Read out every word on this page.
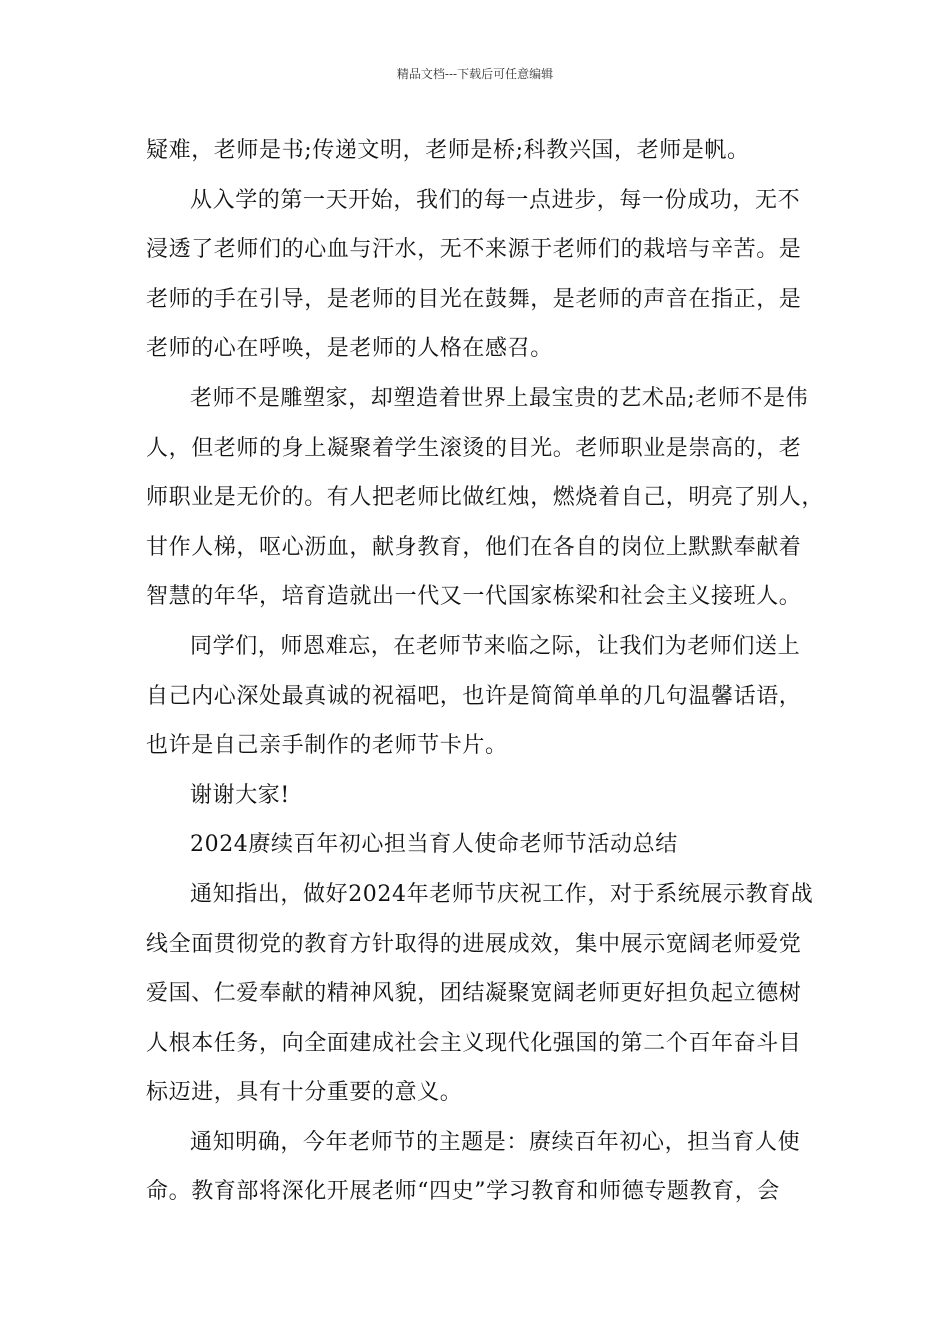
精品文档---下载后可任意编辑
疑难，老师是书;传递文明，老师是桥;科教兴国，老师是帆。
从入学的第一天开始，我们的每一点进步，每一份成功，无不
浸透了老师们的心血与汗水，无不来源于老师们的栽培与辛苦。是
老师的手在引导，是老师的目光在鼓舞，是老师的声音在指正，是
老师的心在呼唤，是老师的人格在感召。
老师不是雕塑家，却塑造着世界上最宝贵的艺术品;老师不是伟
人，但老师的身上凝聚着学生滚烫的目光。老师职业是崇高的，老
师职业是无价的。有人把老师比做红烛，燃烧着自己，明亮了别人，
甘作人梯，呕心沥血，献身教育，他们在各自的岗位上默默奉献着
智慧的年华，培育造就出一代又一代国家栋梁和社会主义接班人。
同学们，师恩难忘，在老师节来临之际，让我们为老师们送上
自己内心深处最真诚的祝福吧，也许是简简单单的几句温馨话语，
也许是自己亲手制作的老师节卡片。
谢谢大家!
2024赓续百年初心担当育人使命老师节活动总结
通知指出，做好2024年老师节庆祝工作，对于系统展示教育战
线全面贯彻党的教育方针取得的进展成效，集中展示宽阔老师爱党
爱国、仁爱奉献的精神风貌，团结凝聚宽阔老师更好担负起立德树
人根本任务，向全面建成社会主义现代化强国的第二个百年奋斗目
标迈进，具有十分重要的意义。
通知明确，今年老师节的主题是：赓续百年初心，担当育人使
命。教育部将深化开展老师“四史”学习教育和师德专题教育，会
